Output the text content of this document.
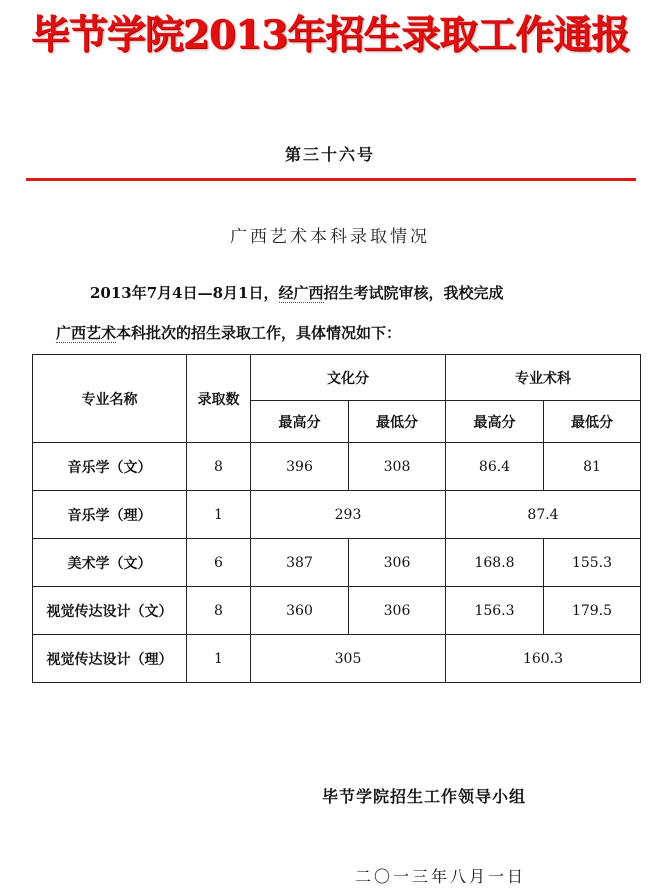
毕节学院2013年招生录取工作通报
第三十六号
广西艺术本科录取情况
2013年7月4日—8月1日，经广西招生考试院审核，我校完成
广西艺术本科批次的招生录取工作，具体情况如下：
专业名称	录取数	文化分		专业术科	
		最高分	最低分	最高分	最低分
音乐学（文）	8	396	308	86.4	81
音乐学（理）	1	293		87.4	
美术学（文）	6	387	306	168.8	155.3
视觉传达设计（文）	8	360	306	156.3	179.5
视觉传达设计（理）	1	305		160.3	
毕节学院招生工作领导小组
二〇一三年八月一日
